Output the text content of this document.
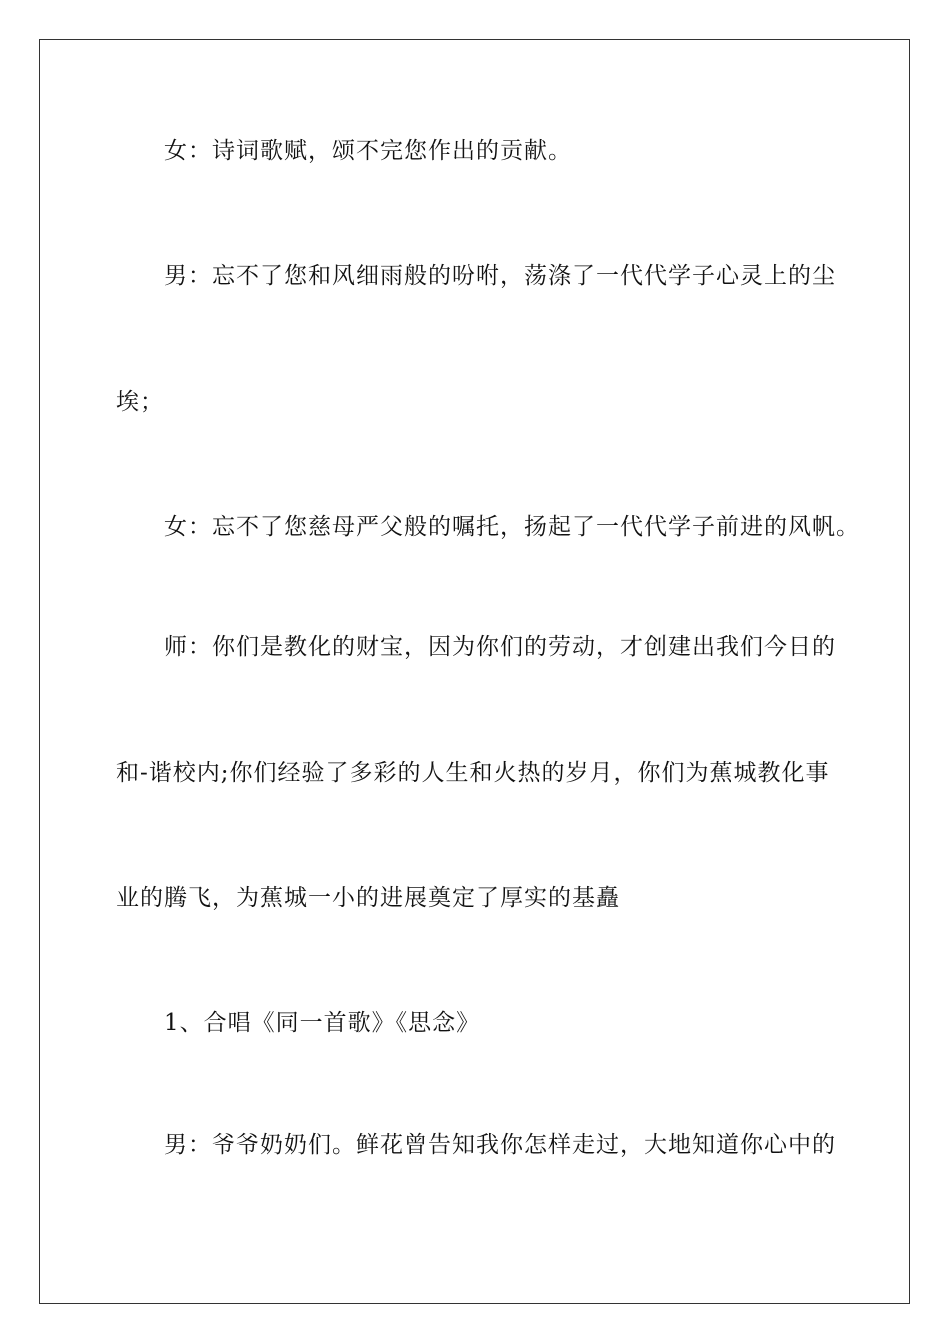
女：诗词歌赋，颂不完您作出的贡献。
男：忘不了您和风细雨般的吩咐，荡涤了一代代学子心灵上的尘
埃；
女：忘不了您慈母严父般的嘱托，扬起了一代代学子前进的风帆。
师：你们是教化的财宝，因为你们的劳动，才创建出我们今日的
和-谐校内;你们经验了多彩的人生和火热的岁月，你们为蕉城教化事
业的腾飞，为蕉城一小的进展奠定了厚实的基矗
1、合唱《同一首歌》《思念》
男：爷爷奶奶们。鲜花曾告知我你怎样走过，大地知道你心中的
